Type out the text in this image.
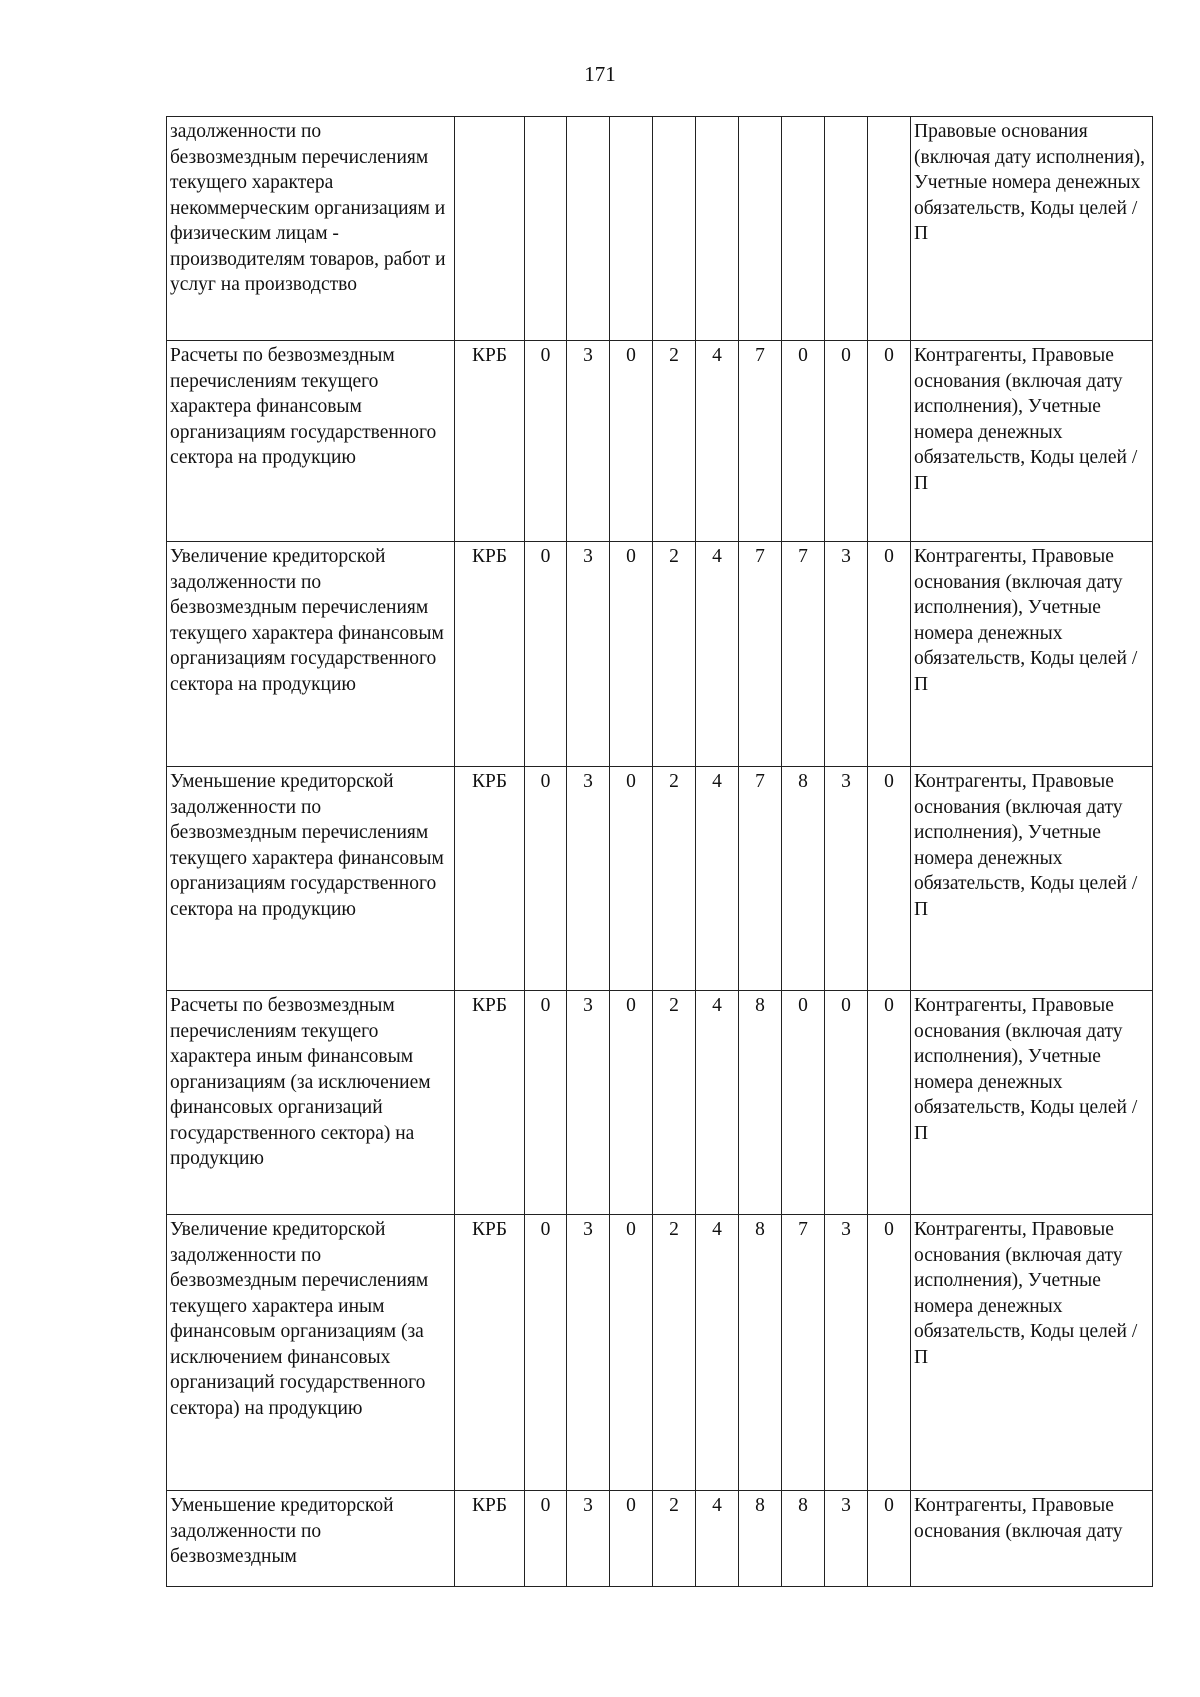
171
задолженности по безвозмездным перечислениям текущего характера некоммерческим организациям и физическим лицам - производителям товаров, работ и услуг на производство											Правовые основания (включая дату исполнения), Учетные номера денежных обязательств, Коды целей / П
Расчеты по безвозмездным перечислениям текущего характера финансовым организациям государственного сектора на продукцию	КРБ	0	3	0	2	4	7	0	0	0	Контрагенты, Правовые основания (включая дату исполнения), Учетные номера денежных обязательств, Коды целей / П
Увеличение кредиторской задолженности по безвозмездным перечислениям текущего характера финансовым организациям государственного сектора на продукцию	КРБ	0	3	0	2	4	7	7	3	0	Контрагенты, Правовые основания (включая дату исполнения), Учетные номера денежных обязательств, Коды целей / П
Уменьшение кредиторской задолженности по безвозмездным перечислениям текущего характера финансовым организациям государственного сектора на продукцию	КРБ	0	3	0	2	4	7	8	3	0	Контрагенты, Правовые основания (включая дату исполнения), Учетные номера денежных обязательств, Коды целей / П
Расчеты по безвозмездным перечислениям текущего характера иным финансовым организациям (за исключением финансовых организаций государственного сектора) на продукцию	КРБ	0	3	0	2	4	8	0	0	0	Контрагенты, Правовые основания (включая дату исполнения), Учетные номера денежных обязательств, Коды целей / П
Увеличение кредиторской задолженности по безвозмездным перечислениям текущего характера иным финансовым организациям (за исключением финансовых организаций государственного сектора) на продукцию	КРБ	0	3	0	2	4	8	7	3	0	Контрагенты, Правовые основания (включая дату исполнения), Учетные номера денежных обязательств, Коды целей / П
Уменьшение кредиторской задолженности по безвозмездным	КРБ	0	3	0	2	4	8	8	3	0	Контрагенты, Правовые основания (включая дату
